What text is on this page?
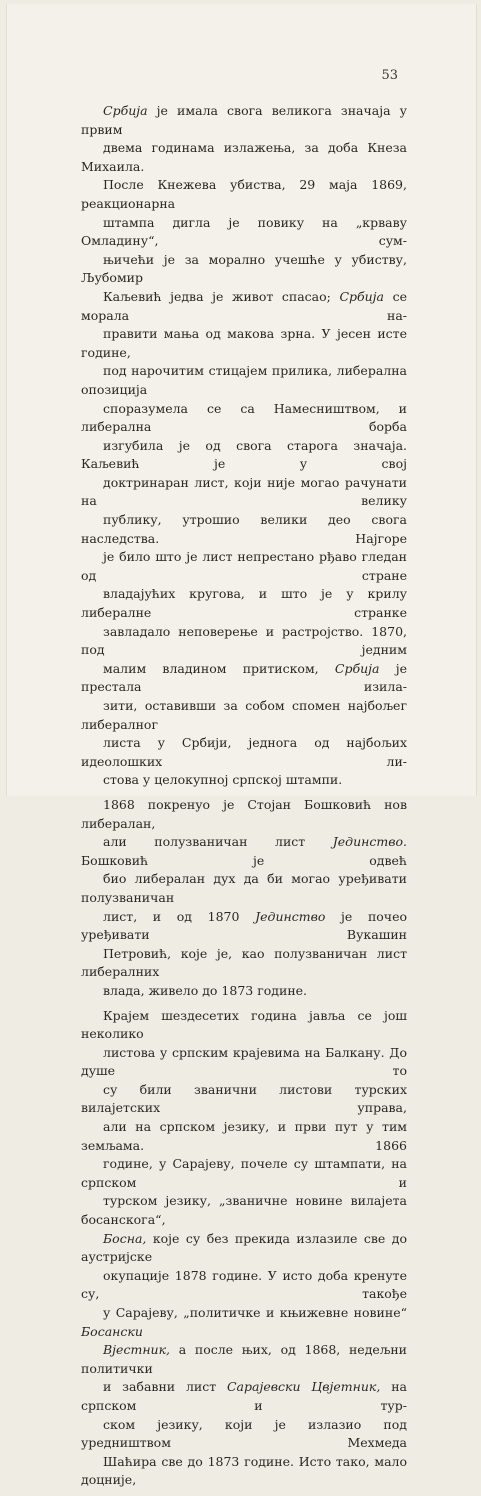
53

Србија је имала свога великога значаја у првим
двема годинама излажења, за доба Кнеза Михаила.
После Кнежева убиства, 29 маја 1869, реакционарна
штампа дигла је повику на „крваву Омладину“, сум-
њичећи је за морално учешће у убиству, Љубомир
Каљевић једва је живот спасао; Србија се морала на-
правити мања од макова зрна. У јесен исте године,
под нарочитим стицајем прилика, либерална опозиција
споразумела се са Намесништвом, и либерална борба
изгубила је од свога старога значаја. Каљевић је у свој
доктринаран лист, који није могао рачунати на велику
публику, утрошио велики део свога наследства. Најгоре
је било што је лист непрестано рђаво гледан од стране
владајућих кругова, и што је у крилу либералне странке
завладало неповерење и растројство. 1870, под једним
малим владином притиском, Србија је престала изила-
зити, оставивши за собом спомен најбољег либералног
листа у Србији, једнога од најбољих идеолошких ли-
стова у целокупној српској штампи.

1868 покренуо је Стојан Бошковић нов либералан,
али полузваничан лист Јединство. Бошковић је одвећ
био либералан дух да би могао уређивати полузваничан
лист, и од 1870 Јединство је почео уређивати Вукашин
Петровић, које је, као полузваничан лист либералних
влада, живело до 1873 године.

Крајем шездесетих година јавља се још неколико
листова у српским крајевима на Балкану. До душе то
су били званични листови турских вилајетских управа,
али на српском језику, и први пут у тим земљама. 1866
године, у Сарајеву, почеле су штампати, на српском и
турском језику, „званичне новине вилајета босанскога“,
Босна, које су без прекида излазиле све до аустријске
окупације 1878 године. У исто доба кренуте су, такође
у Сарајеву, „политичке и књижевне новине“ Босански
Вјестник, а после њих, од 1868, недељни политички
и забавни лист Сарајевски Цвјетник, на српском и тур-
ском језику, који је излазио под уредништвом Мехмеда
Шаћира све до 1873 године. Исто тако, мало доцније,
